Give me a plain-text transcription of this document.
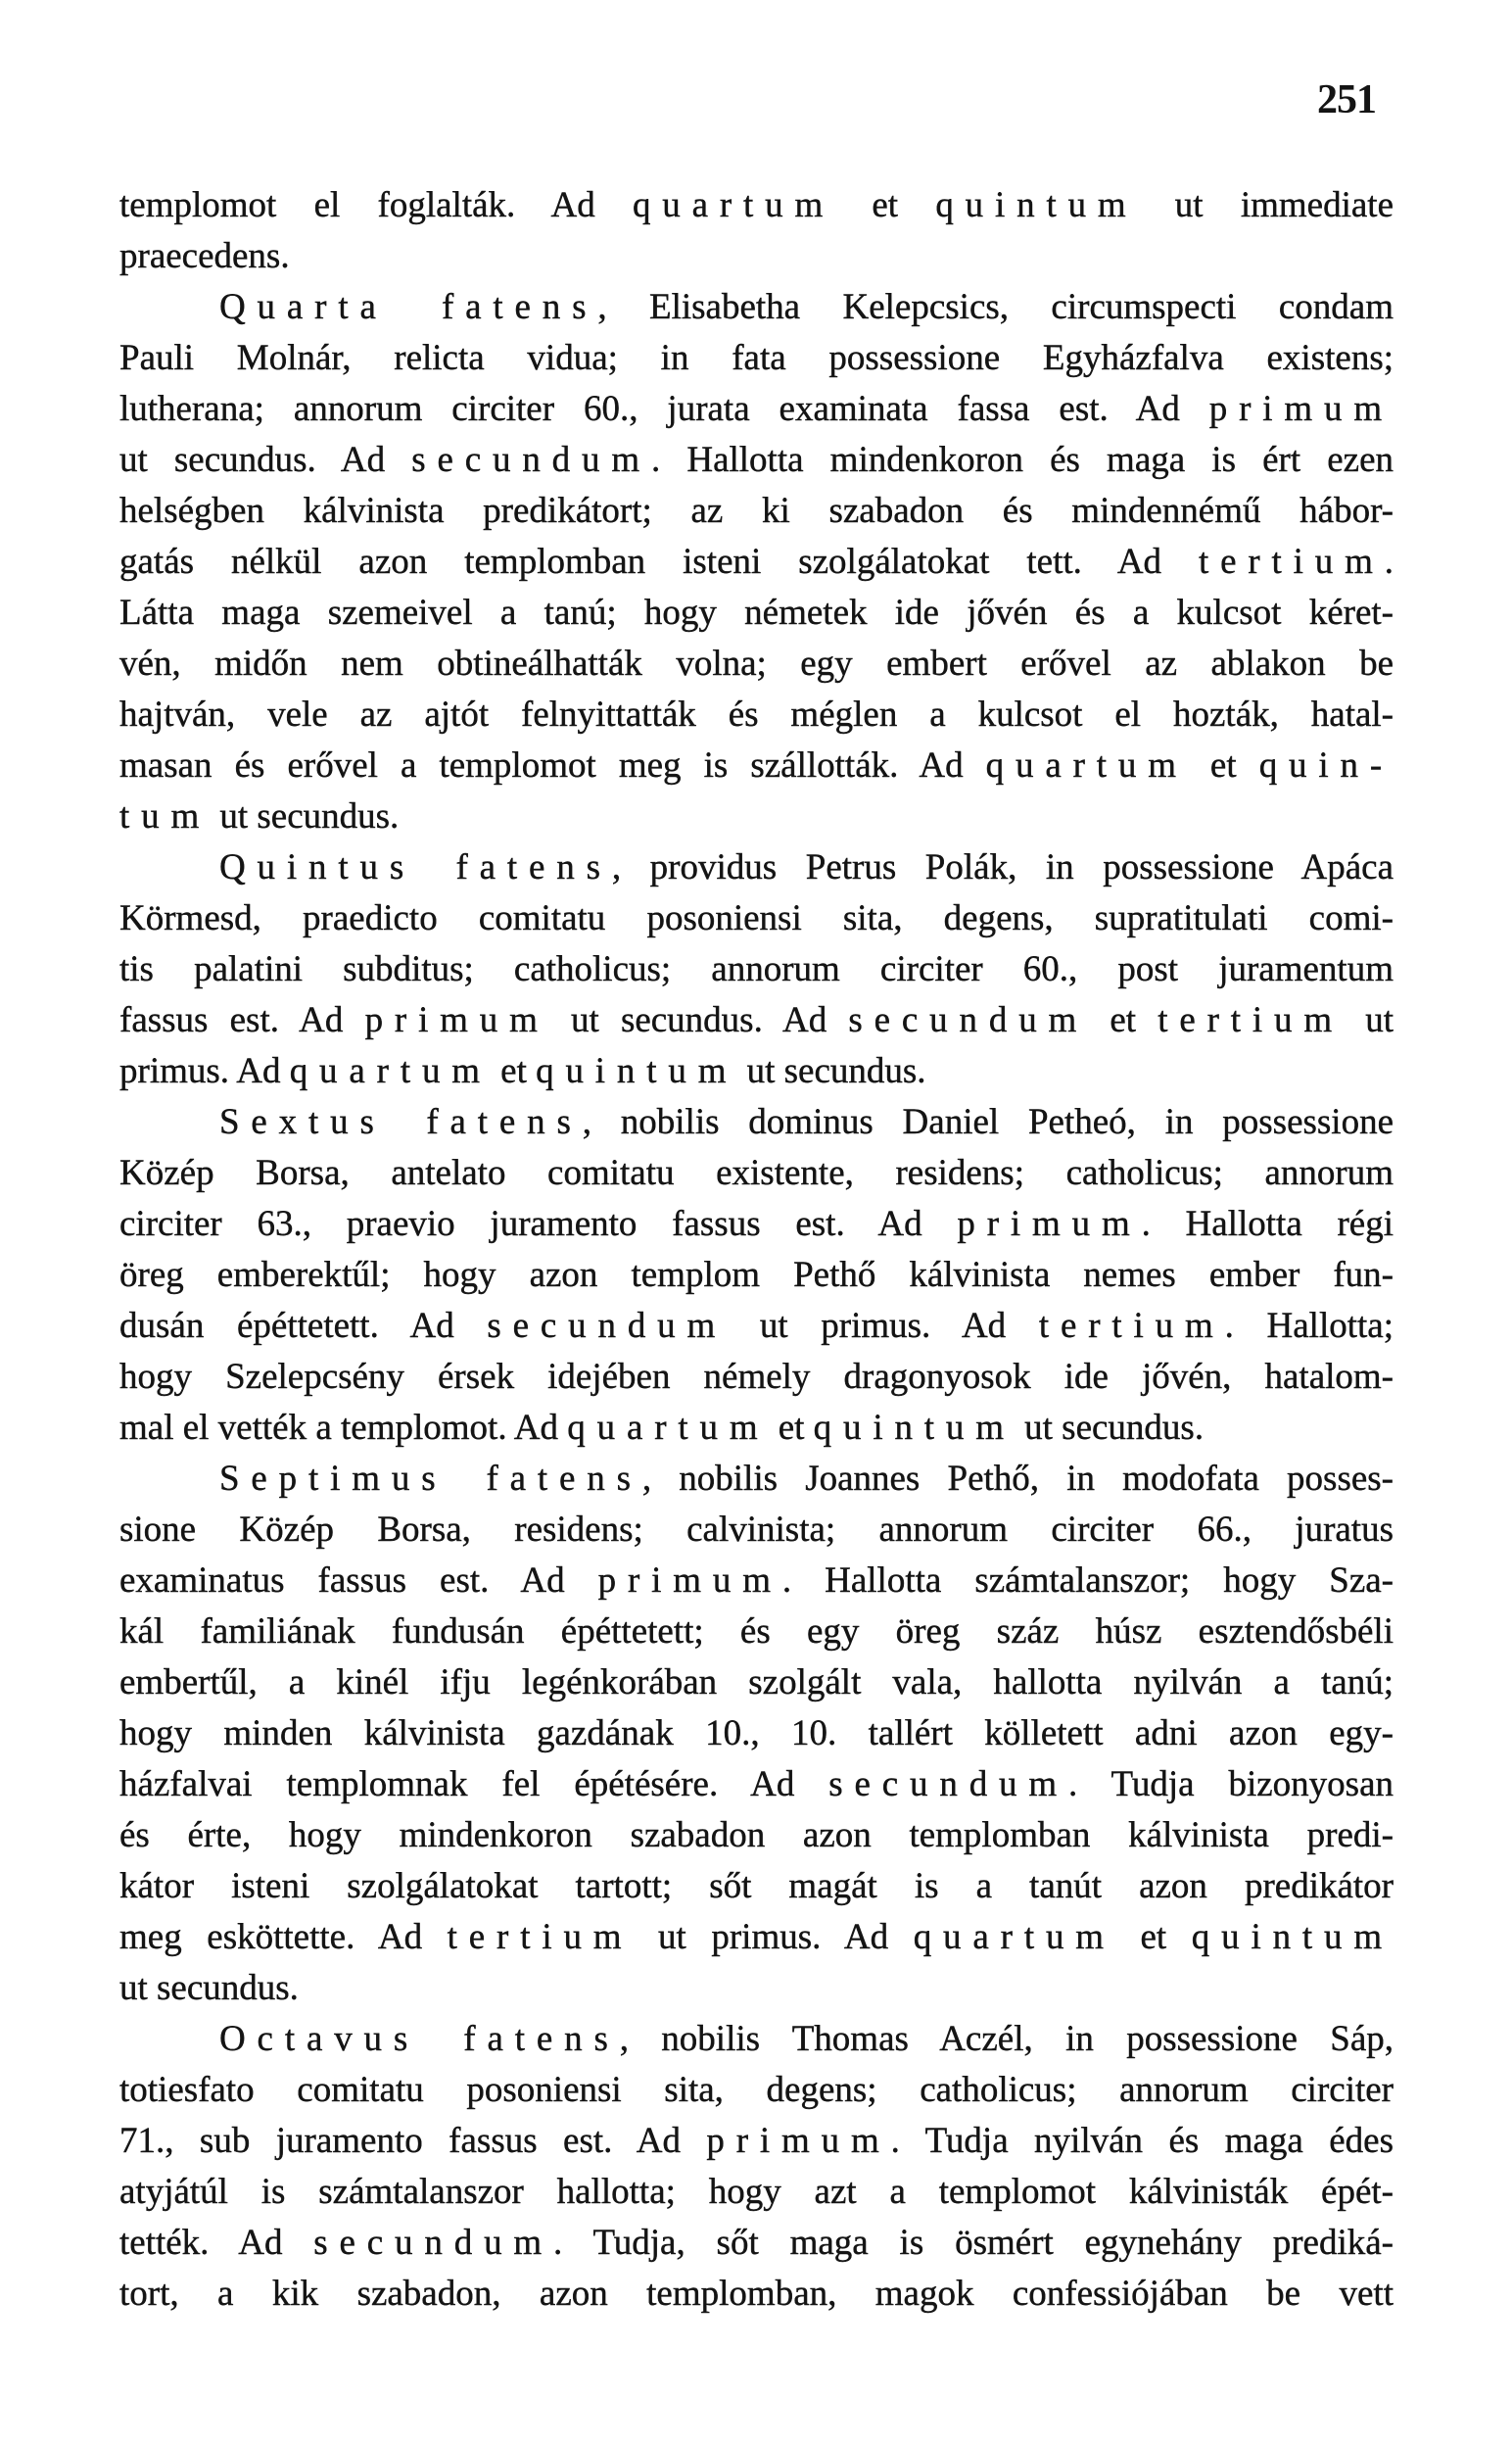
251
templomot el foglalták. Ad quartum et quintum ut immediate
praecedens.
Quarta fatens, Elisabetha Kelepcsics, circumspecti condam
Pauli Molnár, relicta vidua; in fata possessione Egyházfalva existens;
lutherana; annorum circiter 60., jurata examinata fassa est. Ad primum
ut secundus. Ad secundum. Hallotta mindenkoron és maga is ért ezen
helségben kálvinista predikátort; az ki szabadon és mindennémű hábor-
gatás nélkül azon templomban isteni szolgálatokat tett. Ad tertium.
Látta maga szemeivel a tanú; hogy németek ide jővén és a kulcsot kéret-
vén, midőn nem obtineálhatták volna; egy embert erővel az ablakon be
hajtván, vele az ajtót felnyittatták és méglen a kulcsot el hozták, hatal-
masan és erővel a templomot meg is szállották. Ad quartum et quin-
tum ut secundus.
Quintus fatens, providus Petrus Polák, in possessione Apáca
Körmesd, praedicto comitatu posoniensi sita, degens, supratitulati comi-
tis palatini subditus; catholicus; annorum circiter 60., post juramentum
fassus est. Ad primum ut secundus. Ad secundum et tertium ut
primus. Ad quartum et quintum ut secundus.
Sextus fatens, nobilis dominus Daniel Petheó, in possessione
Közép Borsa, antelato comitatu existente, residens; catholicus; annorum
circiter 63., praevio juramento fassus est. Ad primum. Hallotta régi
öreg emberektűl; hogy azon templom Pethő kálvinista nemes ember fun-
dusán épéttetett. Ad secundum ut primus. Ad tertium. Hallotta;
hogy Szelepcsény érsek idejében némely dragonyosok ide jővén, hatalom-
mal el vették a templomot. Ad quartum et quintum ut secundus.
Septimus fatens, nobilis Joannes Pethő, in modofata posses-
sione Közép Borsa, residens; calvinista; annorum circiter 66., juratus
examinatus fassus est. Ad primum. Hallotta számtalanszor; hogy Sza-
kál familiának fundusán épéttetett; és egy öreg száz húsz esztendősbéli
embertűl, a kinél ifju legénkorában szolgált vala, hallotta nyilván a tanú;
hogy minden kálvinista gazdának 10., 10. tallért kölletett adni azon egy-
házfalvai templomnak fel épétésére. Ad secundum. Tudja bizonyosan
és érte, hogy mindenkoron szabadon azon templomban kálvinista predi-
kátor isteni szolgálatokat tartott; sőt magát is a tanút azon predikátor
meg esköttette. Ad tertium ut primus. Ad quartum et quintum
ut secundus.
Octavus fatens, nobilis Thomas Aczél, in possessione Sáp,
totiesfato comitatu posoniensi sita, degens; catholicus; annorum circiter
71., sub juramento fassus est. Ad primum. Tudja nyilván és maga édes
atyjátúl is számtalanszor hallotta; hogy azt a templomot kálvinisták épét-
tették. Ad secundum. Tudja, sőt maga is ösmért egynehány prediká-
tort, a kik szabadon, azon templomban, magok confessiójában be vett
